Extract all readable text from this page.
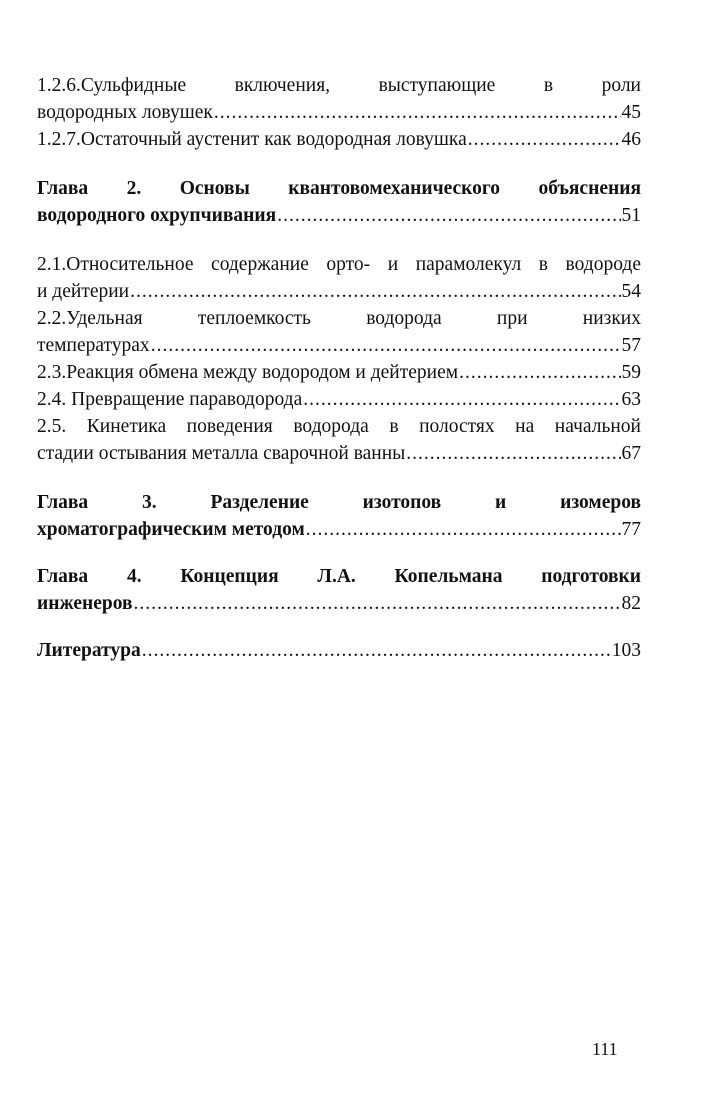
1.2.6.Сульфидные включения, выступающие в роли
водородных ловушек .....	45
1.2.7.Остаточный аустенит как водородная ловушка .....	46
Глава 2. Основы квантовомеханического объяснения
водородного охрупчивания .....	51
2.1.Относительное содержание орто- и парамолекул в водороде
и дейтерии .....	54
2.2.Удельная теплоемкость водорода при низких
температурах .....	57
2.3.Реакция обмена между водородом и дейтерием .....	59
2.4. Превращение параводорода .....	63
2.5. Кинетика поведения водорода в полостях на начальной
стадии остывания металла сварочной ванны .....	67
Глава 3. Разделение изотопов и изомеров
хроматографическим методом .....	77
Глава 4. Концепция Л.А. Копельмана подготовки
инженеров .....	82
Литература .....	103
111
